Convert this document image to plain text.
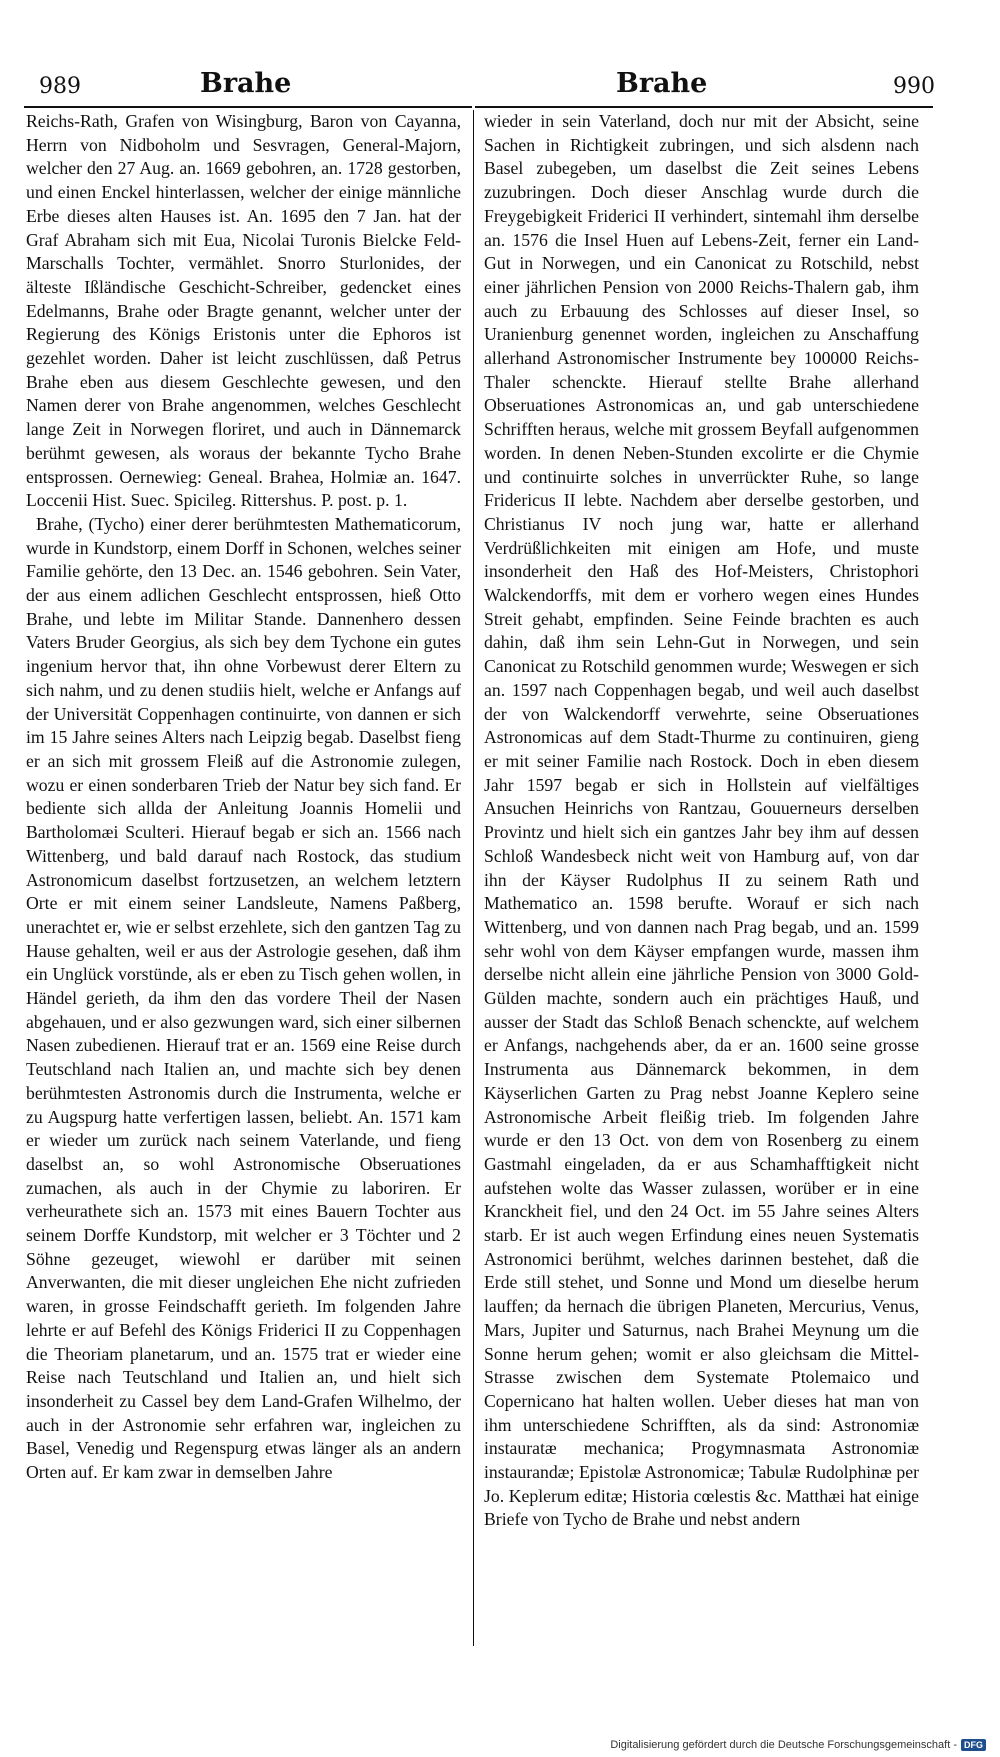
989	Brahe	Brahe	990

Reichs-Rath, Grafen von Wisingburg, Baron von Cayanna, Herrn von Nidboholm und Sesvragen, General-Majorn, welcher den 27 Aug. an. 1669 gebohren, an. 1728 gestorben, und einen Enckel hinterlassen, welcher der einige männliche Erbe dieses alten Hauses ist. An. 1695 den 7 Jan. hat der Graf Abraham sich mit Eua, Nicolai Turonis Bielcke Feld-Marschalls Tochter, vermählet. Snorro Sturlonides, der älteste Ißländische Geschicht-Schreiber, gedencket eines Edelmanns, Brahe oder Bragte genannt, welcher unter der Regierung des Königs Eristonis unter die Ephoros ist gezehlet worden. Daher ist leicht zuschlüssen, daß Petrus Brahe eben aus diesem Geschlechte gewesen, und den Namen derer von Brahe angenommen, welches Geschlecht lange Zeit in Norwegen floriret, und auch in Dännemarck berühmt gewesen, als woraus der bekannte Tycho Brahe entsprossen. Oernewieg: Geneal. Brahea, Holmiæ an. 1647. Loccenii Hist. Suec. Spicileg. Rittershus. P. post. p. 1.

Brahe, (Tycho) einer derer berühmtesten Mathematicorum, wurde in Kundstorp, einem Dorff in Schonen, welches seiner Familie gehörte, den 13 Dec. an. 1546 gebohren. Sein Vater, der aus einem adlichen Geschlecht entsprossen, hieß Otto Brahe, und lebte im Militar Stande. Dannenhero dessen Vaters Bruder Georgius, als sich bey dem Tychone ein gutes ingenium hervor that, ihn ohne Vorbewust derer Eltern zu sich nahm, und zu denen studiis hielt, welche er Anfangs auf der Universität Coppenhagen continuirte, von dannen er sich im 15 Jahre seines Alters nach Leipzig begab. Daselbst fieng er an sich mit grossem Fleiß auf die Astronomie zulegen, wozu er einen sonderbaren Trieb der Natur bey sich fand. Er bediente sich allda der Anleitung Joannis Homelii und Bartholomæi Sculteri. Hierauf begab er sich an. 1566 nach Wittenberg, und bald darauf nach Rostock, das studium Astronomicum daselbst fortzusetzen, an welchem letztern Orte er mit einem seiner Landsleute, Namens Paßberg, unerachtet er, wie er selbst erzehlete, sich den gantzen Tag zu Hause gehalten, weil er aus der Astrologie gesehen, daß ihm ein Unglück vorstünde, als er eben zu Tisch gehen wollen, in Händel gerieth, da ihm den das vordere Theil der Nasen abgehauen, und er also gezwungen ward, sich einer silbernen Nasen zubedienen. Hierauf trat er an. 1569 eine Reise durch Teutschland nach Italien an, und machte sich bey denen berühmtesten Astronomis durch die Instrumenta, welche er zu Augspurg hatte verfertigen lassen, beliebt. An. 1571 kam er wieder um zurück nach seinem Vaterlande, und fieng daselbst an, so wohl Astronomische Obseruationes zumachen, als auch in der Chymie zu laboriren. Er verheurathete sich an. 1573 mit eines Bauern Tochter aus seinem Dorffe Kundstorp, mit welcher er 3 Töchter und 2 Söhne gezeuget, wiewohl er darüber mit seinen Anverwanten, die mit dieser ungleichen Ehe nicht zufrieden waren, in grosse Feindschafft gerieth. Im folgenden Jahre lehrte er auf Befehl des Königs Friderici II zu Coppenhagen die Theoriam planetarum, und an. 1575 trat er wieder eine Reise nach Teutschland und Italien an, und hielt sich insonderheit zu Cassel bey dem Land-Grafen Wilhelmo, der auch in der Astronomie sehr erfahren war, ingleichen zu Basel, Venedig und Regenspurg etwas länger als an andern Orten auf. Er kam zwar in demselben Jahre

wieder in sein Vaterland, doch nur mit der Absicht, seine Sachen in Richtigkeit zubringen, und sich alsdenn nach Basel zubegeben, um daselbst die Zeit seines Lebens zuzubringen. Doch dieser Anschlag wurde durch die Freygebigkeit Friderici II verhindert, sintemahl ihm derselbe an. 1576 die Insel Huen auf Lebens-Zeit, ferner ein Land-Gut in Norwegen, und ein Canonicat zu Rotschild, nebst einer jährlichen Pension von 2000 Reichs-Thalern gab, ihm auch zu Erbauung des Schlosses auf dieser Insel, so Uranienburg genennet worden, ingleichen zu Anschaffung allerhand Astronomischer Instrumente bey 100000 Reichs-Thaler schenckte. Hierauf stellte Brahe allerhand Obseruationes Astronomicas an, und gab unterschiedene Schrifften heraus, welche mit grossem Beyfall aufgenommen worden. In denen Neben-Stunden excolirte er die Chymie und continuirte solches in unverrückter Ruhe, so lange Fridericus II lebte. Nachdem aber derselbe gestorben, und Christianus IV noch jung war, hatte er allerhand Verdrüßlichkeiten mit einigen am Hofe, und muste insonderheit den Haß des Hof-Meisters, Christophori Walckendorffs, mit dem er vorhero wegen eines Hundes Streit gehabt, empfinden. Seine Feinde brachten es auch dahin, daß ihm sein Lehn-Gut in Norwegen, und sein Canonicat zu Rotschild genommen wurde; Weswegen er sich an. 1597 nach Coppenhagen begab, und weil auch daselbst der von Walckendorff verwehrte, seine Obseruationes Astronomicas auf dem Stadt-Thurme zu continuiren, gieng er mit seiner Familie nach Rostock. Doch in eben diesem Jahr 1597 begab er sich in Hollstein auf vielfältiges Ansuchen Heinrichs von Rantzau, Gouuerneurs derselben Provintz und hielt sich ein gantzes Jahr bey ihm auf dessen Schloß Wandesbeck nicht weit von Hamburg auf, von dar ihn der Käyser Rudolphus II zu seinem Rath und Mathematico an. 1598 berufte. Worauf er sich nach Wittenberg, und von dannen nach Prag begab, und an. 1599 sehr wohl von dem Käyser empfangen wurde, massen ihm derselbe nicht allein eine jährliche Pension von 3000 Gold-Gülden machte, sondern auch ein prächtiges Hauß, und ausser der Stadt das Schloß Benach schenckte, auf welchem er Anfangs, nachgehends aber, da er an. 1600 seine grosse Instrumenta aus Dännemarck bekommen, in dem Käyserlichen Garten zu Prag nebst Joanne Keplero seine Astronomische Arbeit fleißig trieb. Im folgenden Jahre wurde er den 13 Oct. von dem von Rosenberg zu einem Gastmahl eingeladen, da er aus Schamhafftigkeit nicht aufstehen wolte das Wasser zulassen, worüber er in eine Kranckheit fiel, und den 24 Oct. im 55 Jahre seines Alters starb. Er ist auch wegen Erfindung eines neuen Systematis Astronomici berühmt, welches darinnen bestehet, daß die Erde still stehet, und Sonne und Mond um dieselbe herum lauffen; da hernach die übrigen Planeten, Mercurius, Venus, Mars, Jupiter und Saturnus, nach Brahei Meynung um die Sonne herum gehen; womit er also gleichsam die Mittel-Strasse zwischen dem Systemate Ptolemaico und Copernicano hat halten wollen. Ueber dieses hat man von ihm unterschiedene Schrifften, als da sind: Astronomiæ instauratæ mechanica; Progymnasmata Astronomiæ instaurandæ; Epistolæ Astronomicæ; Tabulæ Rudolphinæ per Jo. Keplerum editæ; Historia cœlestis &c. Matthæi hat einige Briefe von Tycho de Brahe und nebst andern

Digitalisierung gefördert durch die Deutsche Forschungsgemeinschaft - DFG
